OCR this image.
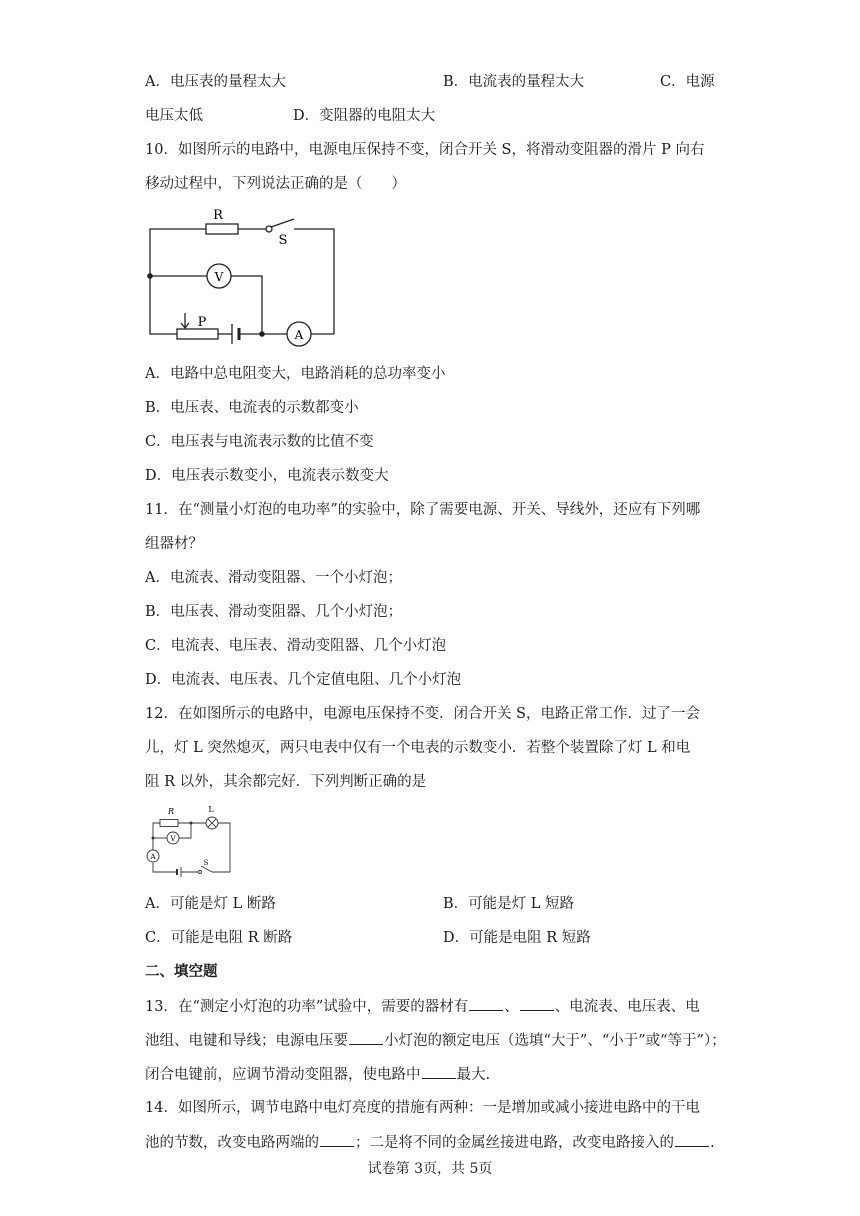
A．电压表的量程太大	B．电流表的量程太大	C．电源
电压太低	D．变阻器的电阻太大
10．如图所示的电路中，电源电压保持不变，闭合开关 S，将滑动变阻器的滑片 P 向右
移动过程中，下列说法正确的是（　　）
R
S
V
P
A
A．电路中总电阻变大，电路消耗的总功率变小
B．电压表、电流表的示数都变小
C．电压表与电流表示数的比值不变
D．电压表示数变小，电流表示数变大
11．在“测量小灯泡的电功率”的实验中，除了需要电源、开关、导线外，还应有下列哪
组器材？
A．电流表、滑动变阻器、一个小灯泡；
B．电压表、滑动变阻器、几个小灯泡；
C．电流表、电压表、滑动变阻器、几个小灯泡
D．电流表、电压表、几个定值电阻、几个小灯泡
12．在如图所示的电路中，电源电压保持不变．闭合开关 S，电路正常工作．过了一会
儿，灯 L 突然熄灭，两只电表中仅有一个电表的示数变小．若整个装置除了灯 L 和电
阻 R 以外，其余都完好．下列判断正确的是
R	L
V
A
S
A．可能是灯 L 断路	B．可能是灯 L 短路
C．可能是电阻 R 断路	D．可能是电阻 R 短路
二、填空题
13．在“测定小灯泡的功率”试验中，需要的器材有 、 、电流表、电压表、电
池组、电键和导线；电源电压要 小灯泡的额定电压（选填“大于”、“小于”或“等于”）；
闭合电键前，应调节滑动变阻器，使电路中 最大.
14．如图所示，调节电路中电灯亮度的措施有两种：一是增加或减小接进电路中的干电
池的节数，改变电路两端的 ；二是将不同的金属丝接进电路，改变电路接入的 .
试卷第 3页，共 5页
